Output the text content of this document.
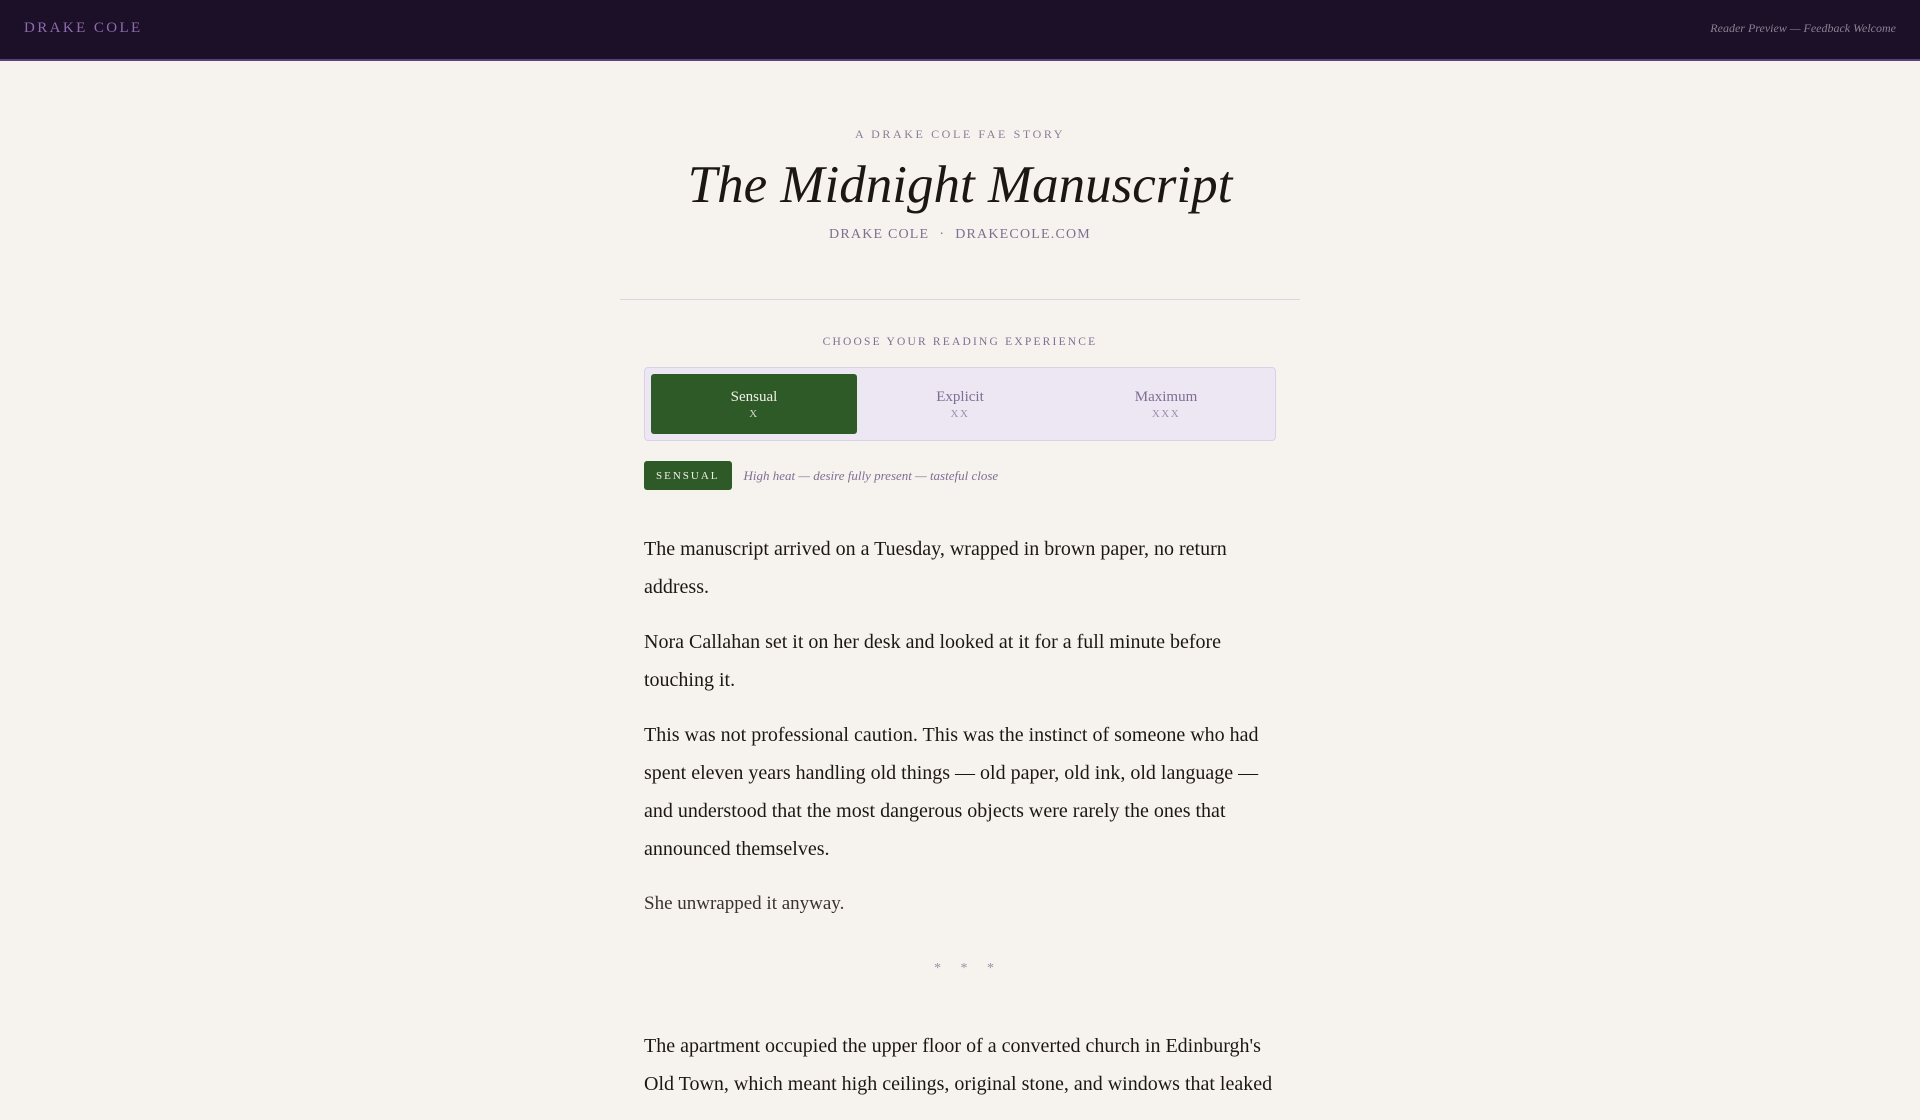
DRAKE COLE	Reader Preview — Feedback Welcome
A DRAKE COLE FAE STORY
The Midnight Manuscript
DRAKE COLE · DRAKECOLE.COM
CHOOSE YOUR READING EXPERIENCE
Sensual
X
Explicit
XX
Maximum
XXX
SENSUAL	High heat — desire fully present — tasteful close

The manuscript arrived on a Tuesday, wrapped in brown paper, no return address.

Nora Callahan set it on her desk and looked at it for a full minute before touching it.

This was not professional caution. This was the instinct of someone who had spent eleven years handling old things — old paper, old ink, old language — and understood that the most dangerous objects were rarely the ones that announced themselves.

She unwrapped it anyway.

* * *

The apartment occupied the upper floor of a converted church in Edinburgh's Old Town, which meant high ceilings, original stone, and windows that leaked
